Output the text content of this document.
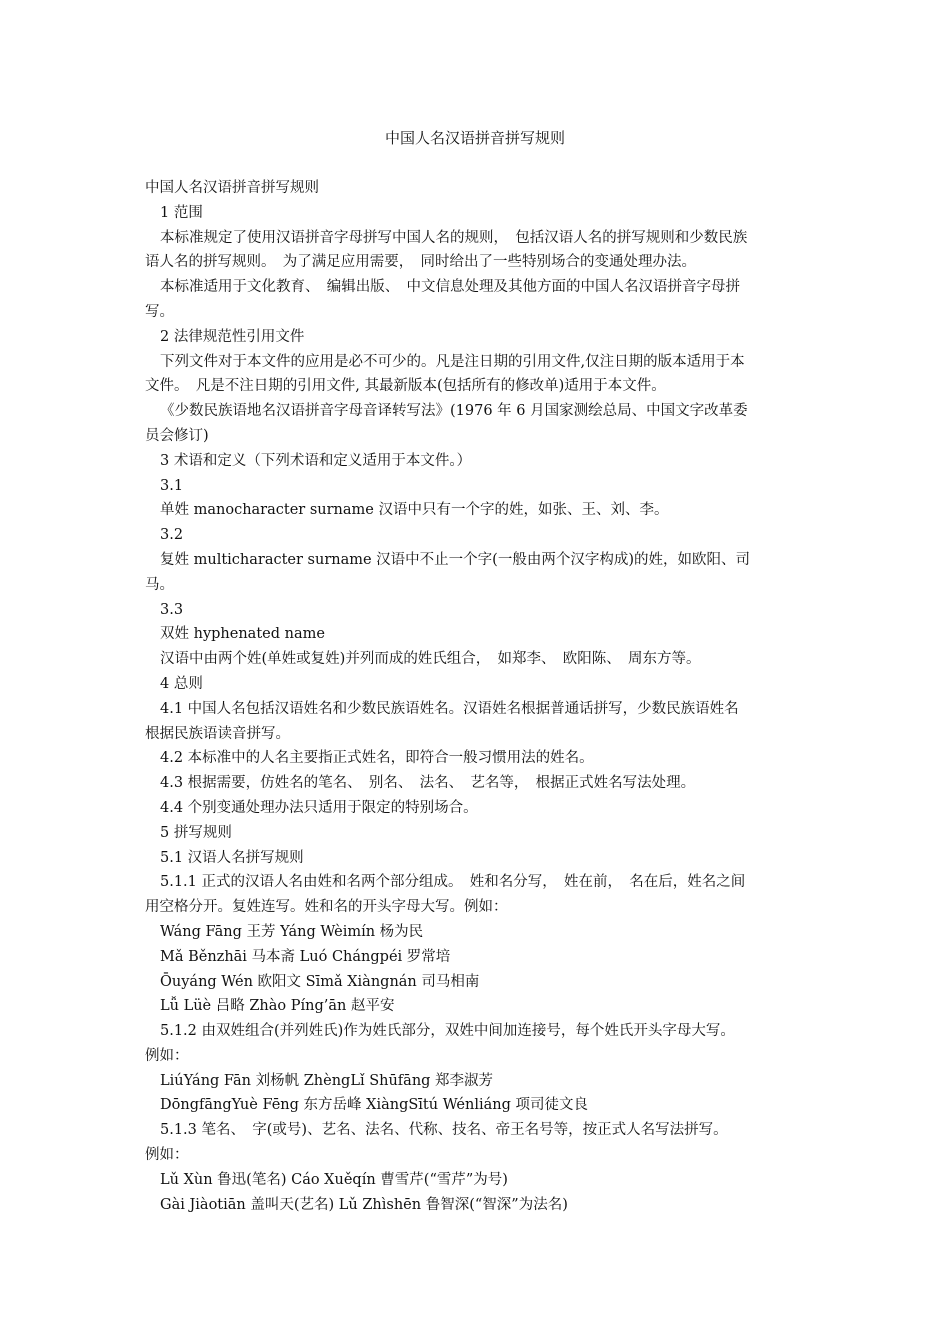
中国人名汉语拼音拼写规则

中国人名汉语拼音拼写规则

1 范围

本标准规定了使用汉语拼音字母拼写中国人名的规则，　包括汉语人名的拼写规则和少数民族

语人名的拼写规则。　为了满足应用需要，　同时给出了一些特别场合的变通处理办法。

本标准适用于文化教育、　编辑出版、　中文信息处理及其他方面的中国人名汉语拼音字母拼

写。

2 法律规范性引用文件

下列文件对于本文件的应用是必不可少的。凡是注日期的引用文件,仅注日期的版本适用于本

文件。　凡是不注日期的引用文件, 其最新版本(包括所有的修改单)适用于本文件。

《少数民族语地名汉语拼音字母音译转写法》(1976 年 6 月国家测绘总局、中国文字改革委

员会修订)

3 术语和定义（下列术语和定义适用于本文件。）

3.1

单姓 manocharacter surname 汉语中只有一个字的姓，如张、王、刘、李。

3.2

复姓 multicharacter surname 汉语中不止一个字(一般由两个汉字构成)的姓，如欧阳、司

马。

3.3

双姓 hyphenated name

汉语中由两个姓(单姓或复姓)并列而成的姓氏组合，　如郑李、　欧阳陈、　周东方等。

4 总则

4.1 中国人名包括汉语姓名和少数民族语姓名。汉语姓名根据普通话拼写，少数民族语姓名

根据民族语读音拼写。

4.2 本标准中的人名主要指正式姓名，即符合一般习惯用法的姓名。

4.3 根据需要，仿姓名的笔名、　别名、　法名、　艺名等，　根据正式姓名写法处理。

4.4 个别变通处理办法只适用于限定的特别场合。

5 拼写规则

5.1 汉语人名拼写规则

5.1.1 正式的汉语人名由姓和名两个部分组成。　姓和名分写，　姓在前，　名在后，姓名之间

用空格分开。复姓连写。姓和名的开头字母大写。例如：

Wáng Fāng 王芳 Yáng Wèimín 杨为民

Mǎ Běnzhāi 马本斋 Luó Chángpéi 罗常培

Ōuyáng Wén 欧阳文 Sīmǎ Xiàngnán 司马相南

Lǚ Lüè 吕略 Zhào Píng’ān 赵平安

5.1.2 由双姓组合(并列姓氏)作为姓氏部分，双姓中间加连接号，每个姓氏开头字母大写。

例如：

LiúYáng Fān 刘杨帆 ZhèngLǐ Shūfāng 郑李淑芳

DōngfāngYuè Fēng 东方岳峰 XiàngSītú Wénliáng 项司徒文良

5.1.3 笔名、　字(或号)、艺名、法名、代称、技名、帝王名号等，按正式人名写法拼写。

例如：

Lǔ Xùn 鲁迅(笔名) Cáo Xuěqín 曹雪芹(“雪芹”为号)

Gài Jiàotiān 盖叫天(艺名) Lǔ Zhìshēn 鲁智深(“智深”为法名)
